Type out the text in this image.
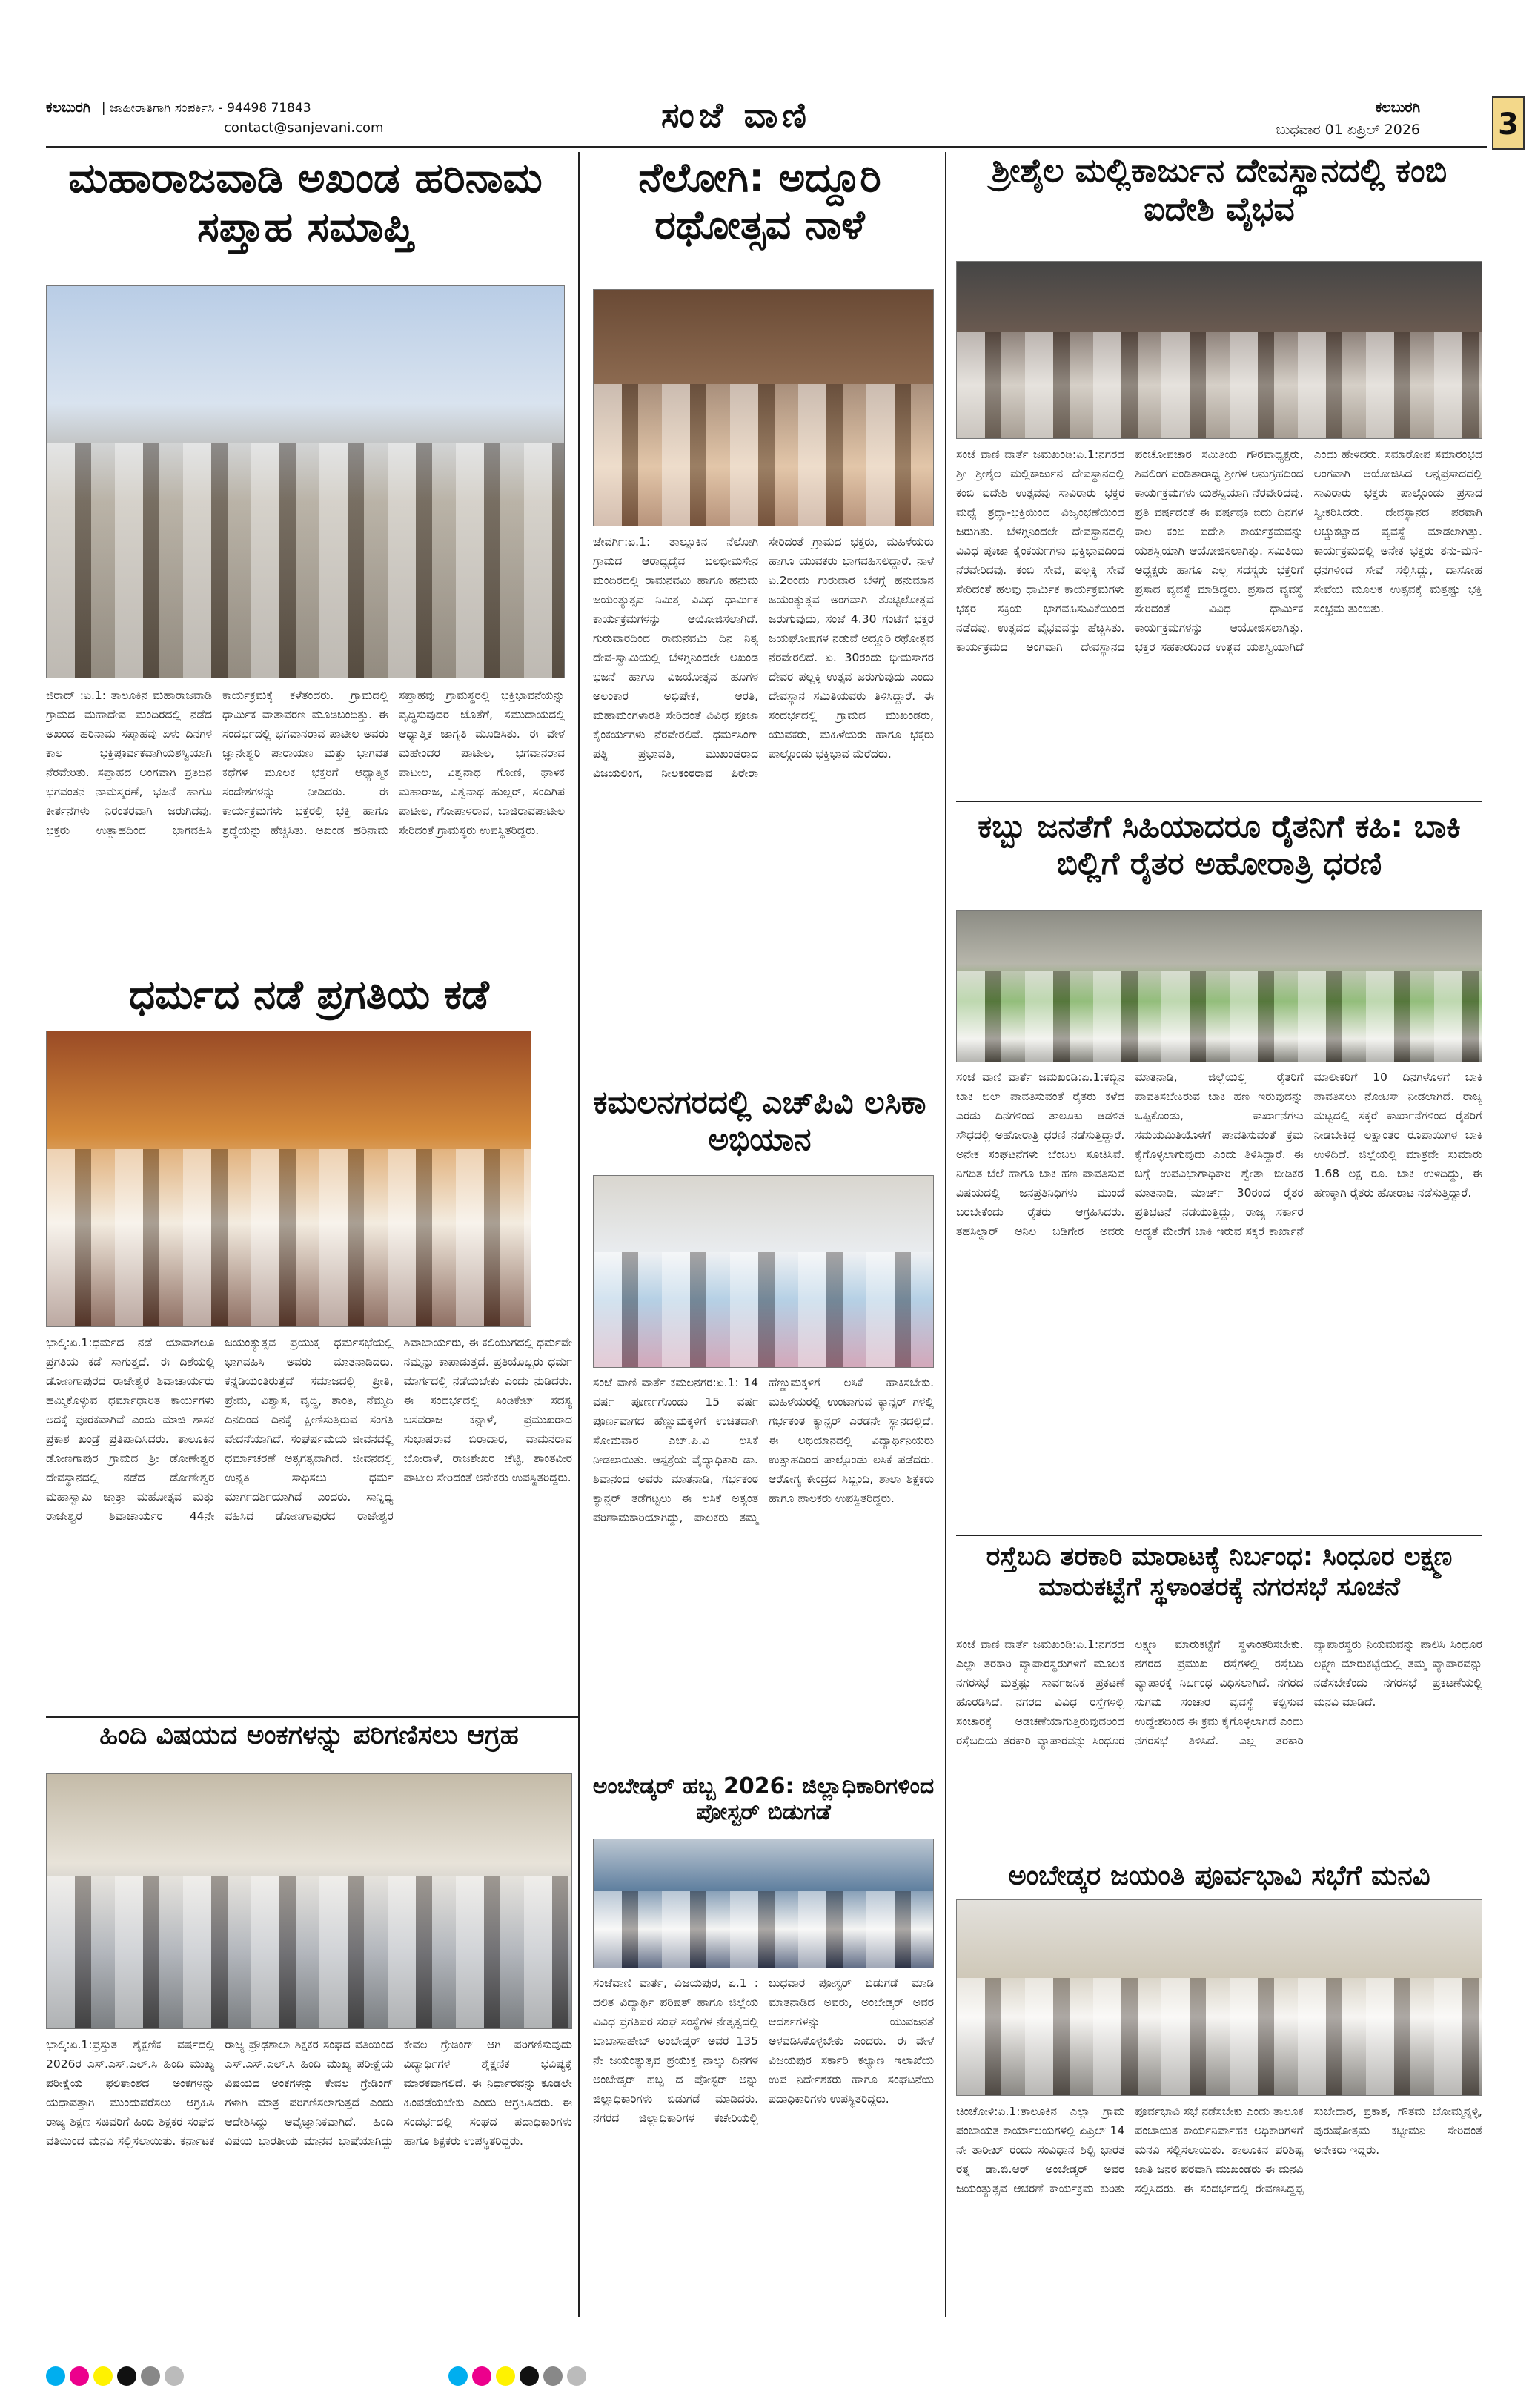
ಕಲಬುರಗಿ | ಜಾಹೀರಾತಿಗಾಗಿ ಸಂಪರ್ಕಿಸಿ - 94498 71843
contact@sanjevani.com	ಸಂಜೆ ವಾಣಿ	ಕಲಬುರಗಿ
ಬುಧವಾರ 01 ಏಪ್ರಿಲ್ 2026	3
ಮಹಾರಾಜವಾಡಿ ಅಖಂಡ ಹರಿನಾಮ ಸಪ್ತಾಹ ಸಮಾಪ್ತಿ
ಜಿರಾದ್ :ಏ.1: ತಾಲೂಕಿನ ಮಹಾರಾಜವಾಡಿ ಗ್ರಾಮದ ಮಹಾದೇವ ಮಂದಿರದಲ್ಲಿ ನಡೆದ ಅಖಂಡ ಹರಿನಾಮ ಸಪ್ತಾಹವು ಏಳು ದಿನಗಳ ಕಾಲ ಭಕ್ತಿಪೂರ್ವಕವಾಗಿಯಶಸ್ವಿಯಾಗಿ ನೆರವೇರಿತು. ಸಪ್ತಾಹದ ಅಂಗವಾಗಿ ಪ್ರತಿದಿನ ಭಗವಂತನ ನಾಮಸ್ಮರಣೆ, ಭಜನೆ ಹಾಗೂ ಕೀರ್ತನೆಗಳು ನಿರಂತರವಾಗಿ ಜರುಗಿದವು. ಭಕ್ತರು ಉತ್ಸಾಹದಿಂದ ಭಾಗವಹಿಸಿ ಕಾರ್ಯಕ್ರಮಕ್ಕೆ ಕಳೆತಂದರು. ಗ್ರಾಮದಲ್ಲಿ ಧಾರ್ಮಿಕ ವಾತಾವರಣ ಮೂಡಿಬಂದಿತ್ತು. ಈ ಸಂದರ್ಭದಲ್ಲಿ ಭಗವಾನರಾವ ಪಾಟೀಲ ಅವರು ಜ್ಞಾನೇಶ್ವರಿ ಪಾರಾಯಣ ಮತ್ತು ಭಾಗವತ ಕಥೆಗಳ ಮೂಲಕ ಭಕ್ತರಿಗೆ ಆಧ್ಯಾತ್ಮಿಕ ಸಂದೇಶಗಳನ್ನು ನೀಡಿದರು. ಈ ಕಾರ್ಯಕ್ರಮಗಳು ಭಕ್ತರಲ್ಲಿ ಭಕ್ತಿ ಹಾಗೂ ಶ್ರದ್ಧೆಯನ್ನು ಹೆಚ್ಚಿಸಿತು. ಅಖಂಡ ಹರಿನಾಮ ಸಪ್ತಾಹವು ಗ್ರಾಮಸ್ಥರಲ್ಲಿ ಭಕ್ತಿಭಾವನೆಯನ್ನು ವೃದ್ಧಿಸುವುದರ ಜೊತೆಗೆ, ಸಮುದಾಯದಲ್ಲಿ ಆಧ್ಯಾತ್ಮಿಕ ಜಾಗೃತಿ ಮೂಡಿಸಿತು. ಈ ವೇಳೆ ಮಹೇಂದರ ಪಾಟೀಲ, ಭಗವಾನರಾವ ಪಾಟೀಲ, ವಿಶ್ವನಾಥ ಗೋಣಿ, ಘಾಳಿಕ ಮಹಾರಾಜ, ವಿಶ್ವನಾಥ ಹುಲ್ಲರ್, ಸಂದಿಗಿಪ ಪಾಟೀಲ, ಗೋಪಾಳರಾವ, ಬಾಜಿರಾವಪಾಟೀಲ ಸೇರಿದಂತೆ ಗ್ರಾಮಸ್ಥರು ಉಪಸ್ಥಿತರಿದ್ದರು.
ನೆಲೋಗಿ: ಅದ್ದೂರಿ ರಥೋತ್ಸವ ನಾಳೆ
ಜೇವರ್ಗಿ:ಏ.1: ತಾಲ್ಲೂಕಿನ ನೆಲೋಗಿ ಗ್ರಾಮದ ಆರಾಧ್ಯದೈವ ಬಲಭೀಮಸೇನ ಮಂದಿರದಲ್ಲಿ ರಾಮನವಮಿ ಹಾಗೂ ಹನುಮ ಜಯಂತ್ಯುತ್ಸವ ನಿಮಿತ್ತ ವಿವಿಧ ಧಾರ್ಮಿಕ ಕಾರ್ಯಕ್ರಮಗಳನ್ನು ಆಯೋಜಿಸಲಾಗಿದೆ. ಗುರುವಾರದಿಂದ ರಾಮನವಮಿ ದಿನ ನಿತ್ಯ ದೇವ-ಸ್ವಾಮಿಯಲ್ಲಿ ಬೆಳಗ್ಗಿನಿಂದಲೇ ಅಖಂಡ ಭಜನೆ ಹಾಗೂ ವಿಜಯೋತ್ಸವ ಹೂಗಳ ಅಲಂಕಾರ ಅಭಿಷೇಕ, ಆರತಿ, ಮಹಾಮಂಗಳಾರತಿ ಸೇರಿದಂತೆ ವಿವಿಧ ಪೂಜಾ ಕೈಂಕರ್ಯಗಳು ನೆರವೇರಲಿವೆ. ಧರ್ಮಸಿಂಗ್ ಪತ್ನಿ ಪ್ರಭಾವತಿ, ಮುಖಂಡರಾದ ವಿಜಯಲಿಂಗ, ನೀಲಕಂಠರಾವ ಪಿರೇರಾ ಸೇರಿದಂತೆ ಗ್ರಾಮದ ಭಕ್ತರು, ಮಹಿಳೆಯರು ಹಾಗೂ ಯುವಕರು ಭಾಗವಹಿಸಲಿದ್ದಾರೆ. ನಾಳೆ ಏ.2ರಂದು ಗುರುವಾರ ಬೆಳಗ್ಗೆ ಹನುಮಾನ ಜಯಂತ್ಯುತ್ಸವ ಅಂಗವಾಗಿ ತೊಟ್ಟಿಲೋತ್ಸವ ಜರುಗುವುದು, ಸಂಜೆ 4.30 ಗಂಟೆಗೆ ಭಕ್ತರ ಜಯಘೋಷಗಳ ನಡುವೆ ಅದ್ದೂರಿ ರಥೋತ್ಸವ ನೆರವೇರಲಿದೆ. ಏ. 30ರಂದು ಭೀಮಸಾಗರ ದೇವರ ಪಲ್ಲಕ್ಕಿ ಉತ್ಸವ ಜರುಗುವುದು ಎಂದು ದೇವಸ್ಥಾನ ಸಮಿತಿಯವರು ತಿಳಿಸಿದ್ದಾರೆ. ಈ ಸಂದರ್ಭದಲ್ಲಿ ಗ್ರಾಮದ ಮುಖಂಡರು, ಯುವಕರು, ಮಹಿಳೆಯರು ಹಾಗೂ ಭಕ್ತರು ಪಾಲ್ಗೊಂಡು ಭಕ್ತಿಭಾವ ಮೆರೆದರು.
ಶ್ರೀಶೈಲ ಮಲ್ಲಿಕಾರ್ಜುನ ದೇವಸ್ಥಾನದಲ್ಲಿ ಕಂಬಿ ಐದೇಶಿ ವೈಭವ
ಸಂಜೆ ವಾಣಿ ವಾರ್ತೆ ಜಮಖಂಡಿ:ಏ.1:ನಗರದ ಶ್ರೀ ಶ್ರೀಶೈಲ ಮಲ್ಲಿಕಾರ್ಜುನ ದೇವಸ್ಥಾನದಲ್ಲಿ ಕಂಬಿ ಐದೇಶಿ ಉತ್ಸವವು ಸಾವಿರಾರು ಭಕ್ತರ ಮಧ್ಯೆ ಶ್ರದ್ಧಾ-ಭಕ್ತಿಯಿಂದ ವಿಜೃಂಭಣೆಯಿಂದ ಜರುಗಿತು. ಬೆಳಗ್ಗಿನಿಂದಲೇ ದೇವಸ್ಥಾನದಲ್ಲಿ ವಿವಿಧ ಪೂಜಾ ಕೈಂಕರ್ಯಗಳು ಭಕ್ತಿಭಾವದಿಂದ ನೆರವೇರಿದವು. ಕಂಬಿ ಸೇವೆ, ಪಲ್ಲಕ್ಕಿ ಸೇವೆ ಸೇರಿದಂತೆ ಹಲವು ಧಾರ್ಮಿಕ ಕಾರ್ಯಕ್ರಮಗಳು ಭಕ್ತರ ಸಕ್ರಿಯ ಭಾಗವಹಿಸುವಿಕೆಯಿಂದ ನಡೆದವು. ಉತ್ಸವದ ವೈಭವವನ್ನು ಹೆಚ್ಚಿಸಿತು. ಕಾರ್ಯಕ್ರಮದ ಅಂಗವಾಗಿ ದೇವಸ್ಥಾನದ ಪಂಚೋಪಚಾರ ಸಮಿತಿಯ ಗೌರವಾಧ್ಯಕ್ಷರು, ಶಿವಲಿಂಗ ಪಂಡಿತಾರಾಧ್ಯ ಶ್ರೀಗಳ ಅನುಗ್ರಹದಿಂದ ಕಾರ್ಯಕ್ರಮಗಳು ಯಶಸ್ವಿಯಾಗಿ ನೆರವೇರಿದವು. ಪ್ರತಿ ವರ್ಷದಂತೆ ಈ ವರ್ಷವೂ ಐದು ದಿನಗಳ ಕಾಲ ಕಂಬಿ ಐದೇಶಿ ಕಾರ್ಯಕ್ರಮವನ್ನು ಯಶಸ್ವಿಯಾಗಿ ಆಯೋಜಿಸಲಾಗಿತ್ತು. ಸಮಿತಿಯ ಅಧ್ಯಕ್ಷರು ಹಾಗೂ ಎಲ್ಲ ಸದಸ್ಯರು ಭಕ್ತರಿಗೆ ಪ್ರಸಾದ ವ್ಯವಸ್ಥೆ ಮಾಡಿದ್ದರು. ಪ್ರಸಾದ ವ್ಯವಸ್ಥೆ ಸೇರಿದಂತೆ ವಿವಿಧ ಧಾರ್ಮಿಕ ಕಾರ್ಯಕ್ರಮಗಳನ್ನು ಆಯೋಜಿಸಲಾಗಿತ್ತು. ಭಕ್ತರ ಸಹಕಾರದಿಂದ ಉತ್ಸವ ಯಶಸ್ವಿಯಾಗಿದೆ ಎಂದು ಹೇಳಿದರು. ಸಮಾರೋಪ ಸಮಾರಂಭದ ಅಂಗವಾಗಿ ಆಯೋಜಿಸಿದ ಅನ್ನಪ್ರಸಾದದಲ್ಲಿ ಸಾವಿರಾರು ಭಕ್ತರು ಪಾಲ್ಗೊಂಡು ಪ್ರಸಾದ ಸ್ವೀಕರಿಸಿದರು. ದೇವಸ್ಥಾನದ ಪರವಾಗಿ ಅಚ್ಚುಕಟ್ಟಾದ ವ್ಯವಸ್ಥೆ ಮಾಡಲಾಗಿತ್ತು. ಕಾರ್ಯಕ್ರಮದಲ್ಲಿ ಅನೇಕ ಭಕ್ತರು ತನು-ಮನ-ಧನಗಳಿಂದ ಸೇವೆ ಸಲ್ಲಿಸಿದ್ದು, ದಾಸೋಹ ಸೇವೆಯ ಮೂಲಕ ಉತ್ಸವಕ್ಕೆ ಮತ್ತಷ್ಟು ಭಕ್ತಿ ಸಂಭ್ರಮ ತುಂಬಿತು.
ಧರ್ಮದ ನಡೆ ಪ್ರಗತಿಯ ಕಡೆ
ಭಾಲ್ಕಿ:ಏ.1:ಧರ್ಮದ ನಡೆ ಯಾವಾಗಲೂ ಪ್ರಗತಿಯ ಕಡೆ ಸಾಗುತ್ತದೆ. ಈ ದಿಶೆಯಲ್ಲಿ ಡೋಣಗಾಪುರದ ರಾಜೇಶ್ವರ ಶಿವಾಚಾರ್ಯರು ಹಮ್ಮಿಕೊಳ್ಳುವ ಧರ್ಮಾಧಾರಿತ ಕಾರ್ಯಗಳು ಅದಕ್ಕೆ ಪೂರಕವಾಗಿವೆ ಎಂದು ಮಾಜಿ ಶಾಸಕ ಪ್ರಕಾಶ ಖಂಡ್ರೆ ಪ್ರತಿಪಾದಿಸಿದರು. ತಾಲೂಕಿನ ಡೋಣಗಾಪುರ ಗ್ರಾಮದ ಶ್ರೀ ಡೋಣೇಶ್ವರ ದೇವಸ್ಥಾನದಲ್ಲಿ ನಡೆದ ಡೋಣೇಶ್ವರ ಮಹಾಸ್ವಾಮಿ ಜಾತ್ರಾ ಮಹೋತ್ಸವ ಮತ್ತು ರಾಜೇಶ್ವರ ಶಿವಾಚಾರ್ಯರ 44ನೇ ಜಯಂತ್ಯುತ್ಸವ ಪ್ರಯುಕ್ತ ಧರ್ಮಸಭೆಯಲ್ಲಿ ಭಾಗವಹಿಸಿ ಅವರು ಮಾತನಾಡಿದರು. ಕನ್ನಡಿಯಂತಿರುತ್ತವೆ ಸಮಾಜದಲ್ಲಿ ಪ್ರೀತಿ, ಪ್ರೇಮ, ವಿಶ್ವಾಸ, ವೃದ್ಧಿ, ಶಾಂತಿ, ನೆಮ್ಮದಿ ದಿನದಿಂದ ದಿನಕ್ಕೆ ಕ್ಷೀಣಿಸುತ್ತಿರುವ ಸಂಗತಿ ವೇದನೆಯಾಗಿದೆ. ಸಂಘರ್ಷಮಯ ಜೀವನದಲ್ಲಿ ಧರ್ಮಾಚರಣೆ ಅತ್ಯಗತ್ಯವಾಗಿದೆ. ಜೀವನದಲ್ಲಿ ಉನ್ನತಿ ಸಾಧಿಸಲು ಧರ್ಮ ಮಾರ್ಗದರ್ಶಿಯಾಗಿದೆ ಎಂದರು. ಸಾನ್ನಿಧ್ಯ ವಹಿಸಿದ ಡೋಣಗಾಪುರದ ರಾಜೇಶ್ವರ ಶಿವಾಚಾರ್ಯರು, ಈ ಕಲಿಯುಗದಲ್ಲಿ ಧರ್ಮವೇ ನಮ್ಮನ್ನು ಕಾಪಾಡುತ್ತದೆ. ಪ್ರತಿಯೊಬ್ಬರು ಧರ್ಮ ಮಾರ್ಗದಲ್ಲಿ ನಡೆಯಬೇಕು ಎಂದು ನುಡಿದರು. ಈ ಸಂದರ್ಭದಲ್ಲಿ ಸಿಂಡಿಕೇಟ್ ಸದಸ್ಯ ಬಸವರಾಜ ಕನ್ನಾಳೆ, ಪ್ರಮುಖರಾದ ಸುಭಾಷರಾವ ಬಿರಾದಾರ, ವಾಮನರಾವ ಬೋರಾಳೆ, ರಾಜಶೇಖರ ಚೆಟ್ಟಿ, ಶಾಂತವೀರ ಪಾಟೀಲ ಸೇರಿದಂತೆ ಅನೇಕರು ಉಪಸ್ಥಿತರಿದ್ದರು.
ಹಿಂದಿ ವಿಷಯದ ಅಂಕಗಳನ್ನು ಪರಿಗಣಿಸಲು ಆಗ್ರಹ
ಭಾಲ್ಕಿ:ಏ.1:ಪ್ರಸ್ತುತ ಶೈಕ್ಷಣಿಕ ವರ್ಷದಲ್ಲಿ 2026ರ ಎಸ್.ಎಸ್.ಎಲ್.ಸಿ ಹಿಂದಿ ಮುಖ್ಯ ಪರೀಕ್ಷೆಯ ಫಲಿತಾಂಶದ ಅಂಕಗಳನ್ನು ಯಥಾವತ್ತಾಗಿ ಮುಂದುವರೆಸಲು ಆಗ್ರಹಿಸಿ ರಾಜ್ಯ ಶಿಕ್ಷಣ ಸಚಿವರಿಗೆ ಹಿಂದಿ ಶಿಕ್ಷಕರ ಸಂಘದ ವತಿಯಿಂದ ಮನವಿ ಸಲ್ಲಿಸಲಾಯಿತು. ಕರ್ನಾಟಕ ರಾಜ್ಯ ಪ್ರೌಢಶಾಲಾ ಶಿಕ್ಷಕರ ಸಂಘದ ವತಿಯಿಂದ ಎಸ್.ಎಸ್.ಎಲ್.ಸಿ ಹಿಂದಿ ಮುಖ್ಯ ಪರೀಕ್ಷೆಯ ವಿಷಯದ ಅಂಕಗಳನ್ನು ಕೇವಲ ಗ್ರೇಡಿಂಗ್ ಗಳಾಗಿ ಮಾತ್ರ ಪರಿಗಣಿಸಲಾಗುತ್ತದೆ ಎಂದು ಆದೇಶಿಸಿದ್ದು ಅವೈಜ್ಞಾನಿಕವಾಗಿದೆ. ಹಿಂದಿ ವಿಷಯ ಭಾರತೀಯ ಮಾನವ ಭಾಷೆಯಾಗಿದ್ದು ಕೇವಲ ಗ್ರೇಡಿಂಗ್ ಆಗಿ ಪರಿಗಣಿಸುವುದು ವಿದ್ಯಾರ್ಥಿಗಳ ಶೈಕ್ಷಣಿಕ ಭವಿಷ್ಯಕ್ಕೆ ಮಾರಕವಾಗಲಿದೆ. ಈ ನಿರ್ಧಾರವನ್ನು ಕೂಡಲೇ ಹಿಂಪಡೆಯಬೇಕು ಎಂದು ಆಗ್ರಹಿಸಿದರು. ಈ ಸಂದರ್ಭದಲ್ಲಿ ಸಂಘದ ಪದಾಧಿಕಾರಿಗಳು ಹಾಗೂ ಶಿಕ್ಷಕರು ಉಪಸ್ಥಿತರಿದ್ದರು.
ಕಮಲನಗರದಲ್ಲಿ ಎಚ್‌ಪಿವಿ ಲಸಿಕಾ ಅಭಿಯಾನ
ಸಂಜೆ ವಾಣಿ ವಾರ್ತೆ ಕಮಲನಗರ:ಏ.1: 14 ವರ್ಷ ಪೂರ್ಣಗೊಂಡು 15 ವರ್ಷ ಪೂರ್ಣವಾಗದ ಹೆಣ್ಣುಮಕ್ಕಳಿಗೆ ಉಚಿತವಾಗಿ ಸೋಮವಾರ ಎಚ್.ಪಿ.ವಿ ಲಸಿಕೆ ನೀಡಲಾಯಿತು. ಆಸ್ಪತ್ರೆಯ ವೈದ್ಯಾಧಿಕಾರಿ ಡಾ. ಶಿವಾನಂದ ಅವರು ಮಾತನಾಡಿ, ಗರ್ಭಕಂಠ ಕ್ಯಾನ್ಸರ್ ತಡೆಗಟ್ಟಲು ಈ ಲಸಿಕೆ ಅತ್ಯಂತ ಪರಿಣಾಮಕಾರಿಯಾಗಿದ್ದು, ಪಾಲಕರು ತಮ್ಮ ಹೆಣ್ಣುಮಕ್ಕಳಿಗೆ ಲಸಿಕೆ ಹಾಕಿಸಬೇಕು. ಮಹಿಳೆಯರಲ್ಲಿ ಉಂಟಾಗುವ ಕ್ಯಾನ್ಸರ್ ಗಳಲ್ಲಿ ಗರ್ಭಕಂಠ ಕ್ಯಾನ್ಸರ್ ಎರಡನೇ ಸ್ಥಾನದಲ್ಲಿದೆ. ಈ ಅಭಿಯಾನದಲ್ಲಿ ವಿದ್ಯಾರ್ಥಿನಿಯರು ಉತ್ಸಾಹದಿಂದ ಪಾಲ್ಗೊಂಡು ಲಸಿಕೆ ಪಡೆದರು. ಆರೋಗ್ಯ ಕೇಂದ್ರದ ಸಿಬ್ಬಂದಿ, ಶಾಲಾ ಶಿಕ್ಷಕರು ಹಾಗೂ ಪಾಲಕರು ಉಪಸ್ಥಿತರಿದ್ದರು.
ಅಂಬೇಡ್ಕರ್ ಹಬ್ಬ 2026: ಜಿಲ್ಲಾಧಿಕಾರಿಗಳಿಂದ ಪೋಸ್ಟರ್ ಬಿಡುಗಡೆ
ಸಂಜೆವಾಣಿ ವಾರ್ತೆ, ವಿಜಯಪುರ, ಏ.1 : ದಲಿತ ವಿದ್ಯಾರ್ಥಿ ಪರಿಷತ್ ಹಾಗೂ ಜಿಲ್ಲೆಯ ವಿವಿಧ ಪ್ರಗತಿಪರ ಸಂಘ ಸಂಸ್ಥೆಗಳ ನೇತೃತ್ವದಲ್ಲಿ ಬಾಬಾಸಾಹೇಬ್ ಅಂಬೇಡ್ಕರ್ ಅವರ 135 ನೇ ಜಯಂತ್ಯುತ್ಸವ ಪ್ರಯುಕ್ತ ನಾಲ್ಕು ದಿನಗಳ ಅಂಬೇಡ್ಕರ್ ಹಬ್ಬ ದ ಪೋಸ್ಟರ್ ಅನ್ನು ಜಿಲ್ಲಾಧಿಕಾರಿಗಳು ಬಿಡುಗಡೆ ಮಾಡಿದರು. ನಗರದ ಜಿಲ್ಲಾಧಿಕಾರಿಗಳ ಕಚೇರಿಯಲ್ಲಿ ಬುಧವಾರ ಪೋಸ್ಟರ್ ಬಿಡುಗಡೆ ಮಾಡಿ ಮಾತನಾಡಿದ ಅವರು, ಅಂಬೇಡ್ಕರ್ ಅವರ ಆದರ್ಶಗಳನ್ನು ಯುವಜನತೆ ಅಳವಡಿಸಿಕೊಳ್ಳಬೇಕು ಎಂದರು. ಈ ವೇಳೆ ವಿಜಯಪುರ ಸರ್ಕಾರಿ ಕಲ್ಯಾಣ ಇಲಾಖೆಯ ಉಪ ನಿರ್ದೇಶಕರು ಹಾಗೂ ಸಂಘಟನೆಯ ಪದಾಧಿಕಾರಿಗಳು ಉಪಸ್ಥಿತರಿದ್ದರು.
ಕಬ್ಬು ಜನತೆಗೆ ಸಿಹಿಯಾದರೂ ರೈತನಿಗೆ ಕಹಿ: ಬಾಕಿ ಬಿಲ್ಲಿಗೆ ರೈತರ ಅಹೋರಾತ್ರಿ ಧರಣಿ
ಸಂಜೆ ವಾಣಿ ವಾರ್ತೆ ಜಮಖಂಡಿ:ಏ.1:ಕಬ್ಬಿನ ಬಾಕಿ ಬಿಲ್ ಪಾವತಿಸುವಂತೆ ರೈತರು ಕಳೆದ ಎರಡು ದಿನಗಳಿಂದ ತಾಲೂಕು ಆಡಳಿತ ಸೌಧದಲ್ಲಿ ಅಹೋರಾತ್ರಿ ಧರಣಿ ನಡೆಸುತ್ತಿದ್ದಾರೆ. ಅನೇಕ ಸಂಘಟನೆಗಳು ಬೆಂಬಲ ಸೂಚಿಸಿವೆ. ನಿಗದಿತ ಬೆಲೆ ಹಾಗೂ ಬಾಕಿ ಹಣ ಪಾವತಿಸುವ ವಿಷಯದಲ್ಲಿ ಜನಪ್ರತಿನಿಧಿಗಳು ಮುಂದೆ ಬರಬೇಕೆಂದು ರೈತರು ಆಗ್ರಹಿಸಿದರು. ತಹಸಿಲ್ದಾರ್ ಅನಿಲ ಬಡಿಗೇರ ಅವರು ಮಾತನಾಡಿ, ಜಿಲ್ಲೆಯಲ್ಲಿ ರೈತರಿಗೆ ಪಾವತಿಸಬೇಕಿರುವ ಬಾಕಿ ಹಣ ಇರುವುದನ್ನು ಒಪ್ಪಿಕೊಂಡು, ಕಾರ್ಖಾನೆಗಳು ಸಮಯಮಿತಿಯೊಳಗೆ ಪಾವತಿಸುವಂತೆ ಕ್ರಮ ಕೈಗೊಳ್ಳಲಾಗುವುದು ಎಂದು ತಿಳಿಸಿದ್ದಾರೆ. ಈ ಬಗ್ಗೆ ಉಪವಿಭಾಗಾಧಿಕಾರಿ ಶ್ವೇತಾ ಬೀಡಿಕರ ಮಾತನಾಡಿ, ಮಾರ್ಚ್ 30ರಂದ ರೈತರ ಪ್ರತಿಭಟನೆ ನಡೆಯುತ್ತಿದ್ದು, ರಾಜ್ಯ ಸರ್ಕಾರ ಆದ್ಯತೆ ಮೇರೆಗೆ ಬಾಕಿ ಇರುವ ಸಕ್ಕರೆ ಕಾರ್ಖಾನೆ ಮಾಲೀಕರಿಗೆ 10 ದಿನಗಳೊಳಗೆ ಬಾಕಿ ಪಾವತಿಸಲು ನೋಟಿಸ್ ನೀಡಲಾಗಿದೆ. ರಾಜ್ಯ ಮಟ್ಟದಲ್ಲಿ ಸಕ್ಕರೆ ಕಾರ್ಖಾನೆಗಳಿಂದ ರೈತರಿಗೆ ನೀಡಬೇಕಿದ್ದ ಲಕ್ಷಾಂತರ ರೂಪಾಯಿಗಳ ಬಾಕಿ ಉಳಿದಿದೆ. ಜಿಲ್ಲೆಯಲ್ಲಿ ಮಾತ್ರವೇ ಸುಮಾರು 1.68 ಲಕ್ಷ ರೂ. ಬಾಕಿ ಉಳಿದಿದ್ದು, ಈ ಹಣಕ್ಕಾಗಿ ರೈತರು ಹೋರಾಟ ನಡೆಸುತ್ತಿದ್ದಾರೆ.
ರಸ್ತೆಬದಿ ತರಕಾರಿ ಮಾರಾಟಕ್ಕೆ ನಿರ್ಬಂಧ: ಸಿಂಧೂರ ಲಕ್ಷ್ಮಣ ಮಾರುಕಟ್ಟೆಗೆ ಸ್ಥಳಾಂತರಕ್ಕೆ ನಗರಸಭೆ ಸೂಚನೆ
ಸಂಜೆ ವಾಣಿ ವಾರ್ತೆ ಜಮಖಂಡಿ:ಏ.1:ನಗರದ ಎಲ್ಲಾ ತರಕಾರಿ ವ್ಯಾಪಾರಸ್ಥರುಗಳಿಗೆ ಮೂಲಕ ನಗರಸಭೆ ಮತ್ತಷ್ಟು ಸಾರ್ವಜನಿಕ ಪ್ರಕಟಣೆ ಹೊರಡಿಸಿದೆ. ನಗರದ ವಿವಿಧ ರಸ್ತೆಗಳಲ್ಲಿ ಸಂಚಾರಕ್ಕೆ ಅಡಚಣೆಯಾಗುತ್ತಿರುವುದರಿಂದ ರಸ್ತೆಬದಿಯ ತರಕಾರಿ ವ್ಯಾಪಾರವನ್ನು ಸಿಂಧೂರ ಲಕ್ಷ್ಮಣ ಮಾರುಕಟ್ಟೆಗೆ ಸ್ಥಳಾಂತರಿಸಬೇಕು. ನಗರದ ಪ್ರಮುಖ ರಸ್ತೆಗಳಲ್ಲಿ ರಸ್ತೆಬದಿ ವ್ಯಾಪಾರಕ್ಕೆ ನಿರ್ಬಂಧ ವಿಧಿಸಲಾಗಿದೆ. ನಗರದ ಸುಗಮ ಸಂಚಾರ ವ್ಯವಸ್ಥೆ ಕಲ್ಪಿಸುವ ಉದ್ದೇಶದಿಂದ ಈ ಕ್ರಮ ಕೈಗೊಳ್ಳಲಾಗಿದೆ ಎಂದು ನಗರಸಭೆ ತಿಳಿಸಿದೆ. ಎಲ್ಲ ತರಕಾರಿ ವ್ಯಾಪಾರಸ್ಥರು ನಿಯಮವನ್ನು ಪಾಲಿಸಿ ಸಿಂಧೂರ ಲಕ್ಷ್ಮಣ ಮಾರುಕಟ್ಟೆಯಲ್ಲಿ ತಮ್ಮ ವ್ಯಾಪಾರವನ್ನು ನಡೆಸಬೇಕೆಂದು ನಗರಸಭೆ ಪ್ರಕಟಣೆಯಲ್ಲಿ ಮನವಿ ಮಾಡಿದೆ.
ಅಂಬೇಡ್ಕರ ಜಯಂತಿ ಪೂರ್ವಭಾವಿ ಸಭೆಗೆ ಮನವಿ
ಚಿಂಚೋಳಿ:ಏ.1:ತಾಲೂಕಿನ ಎಲ್ಲಾ ಗ್ರಾಮ ಪಂಚಾಯತ ಕಾರ್ಯಾಲಯಗಳಲ್ಲಿ ಏಪ್ರಿಲ್ 14 ನೇ ತಾರೀಖ್ ರಂದು ಸಂವಿಧಾನ ಶಿಲ್ಪಿ ಭಾರತ ರತ್ನ ಡಾ.ಬಿ.ಆರ್ ಅಂಬೇಡ್ಕರ್ ಅವರ ಜಯಂತ್ಯುತ್ಸವ ಆಚರಣೆ ಕಾರ್ಯಕ್ರಮ ಕುರಿತು ಪೂರ್ವಭಾವಿ ಸಭೆ ನಡೆಸಬೇಕು ಎಂದು ತಾಲೂಕ ಪಂಚಾಯತ ಕಾರ್ಯನಿರ್ವಾಹಕ ಅಧಿಕಾರಿಗಳಿಗೆ ಮನವಿ ಸಲ್ಲಿಸಲಾಯಿತು. ತಾಲೂಕಿನ ಪರಿಶಿಷ್ಟ ಜಾತಿ ಜನರ ಪರವಾಗಿ ಮುಖಂಡರು ಈ ಮನವಿ ಸಲ್ಲಿಸಿದರು. ಈ ಸಂದರ್ಭದಲ್ಲಿ ರೇವಣಸಿದ್ದಪ್ಪ ಸುಬೇದಾರ, ಪ್ರಕಾಶ, ಗೌತಮ ಬೋಮ್ಮನ್ನಳ್ಳಿ, ಪುರುಷೋತ್ತಮ ಕಟ್ಟೀಮನಿ ಸೇರಿದಂತೆ ಅನೇಕರು ಇದ್ದರು.
